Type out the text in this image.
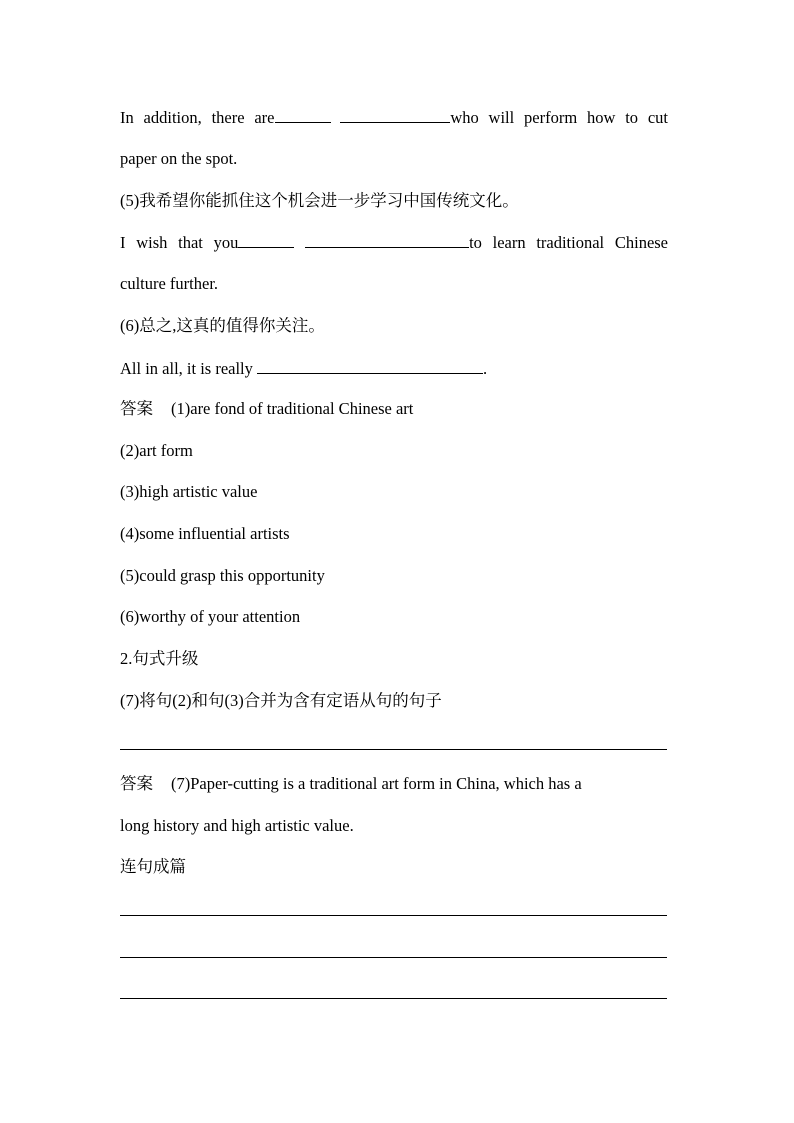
In addition, there are	who will perform how to cut
paper on the spot.
(5)我希望你能抓住这个机会进一步学习中国传统文化。
I wish that you	to learn traditional Chinese
culture further.
(6)总之,这真的值得你关注。
All in all, it is really	.
答案 (1)are fond of traditional Chinese art
(2)art form
(3)high artistic value
(4)some influential artists
(5)could grasp this opportunity
(6)worthy of your attention
2.句式升级
(7)将句(2)和句(3)合并为含有定语从句的句子
答案 (7)Paper-cutting is a traditional art form in China, which has a
long history and high artistic value.
连句成篇
